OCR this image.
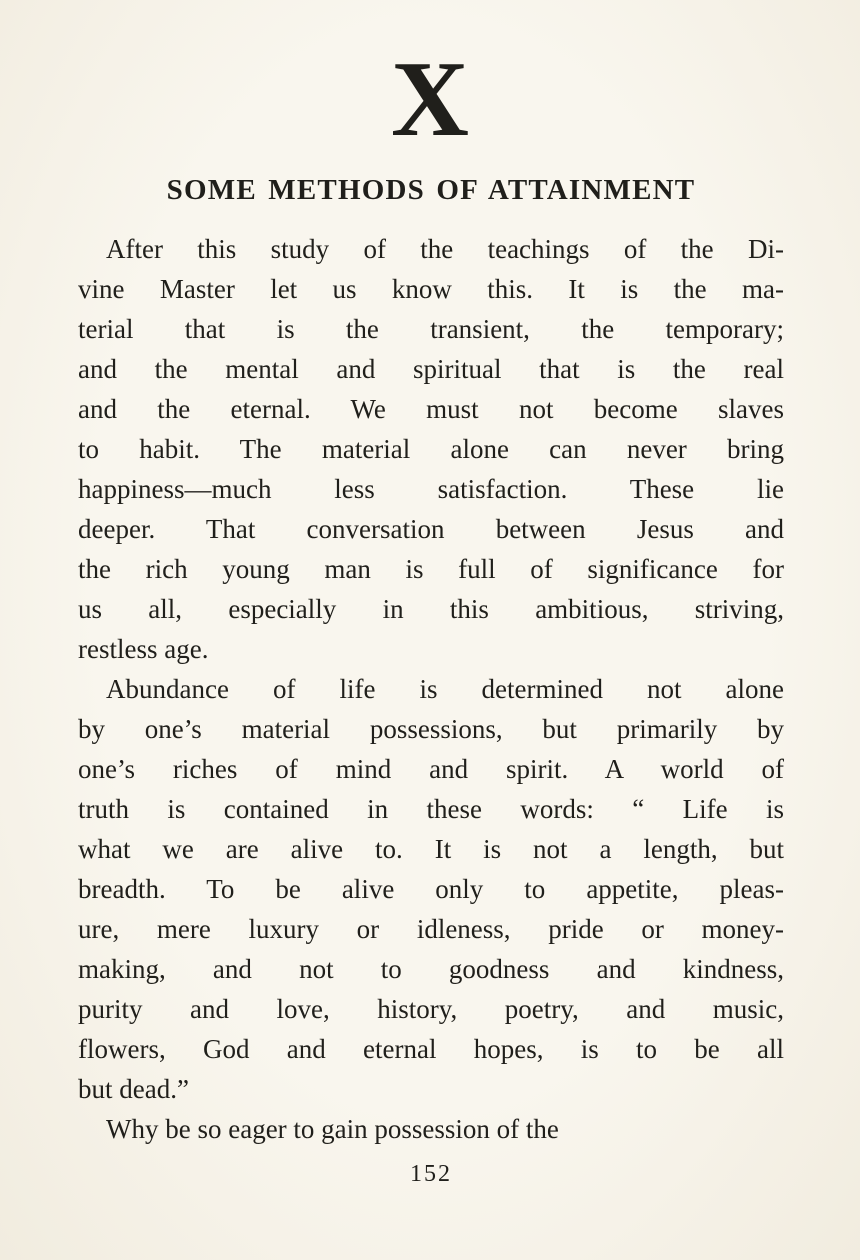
X
SOME METHODS OF ATTAINMENT
After this study of the teachings of the Di-
vine Master let us know this. It is the ma-
terial that is the transient, the temporary;
and the mental and spiritual that is the real
and the eternal. We must not become slaves
to habit. The material alone can never bring
happiness—much less satisfaction. These lie
deeper. That conversation between Jesus and
the rich young man is full of significance for
us all, especially in this ambitious, striving,
restless age.
Abundance of life is determined not alone
by one’s material possessions, but primarily by
one’s riches of mind and spirit. A world of
truth is contained in these words: “ Life is
what we are alive to. It is not a length, but
breadth. To be alive only to appetite, pleas-
ure, mere luxury or idleness, pride or money-
making, and not to goodness and kindness,
purity and love, history, poetry, and music,
flowers, God and eternal hopes, is to be all
but dead.”
Why be so eager to gain possession of the
152
